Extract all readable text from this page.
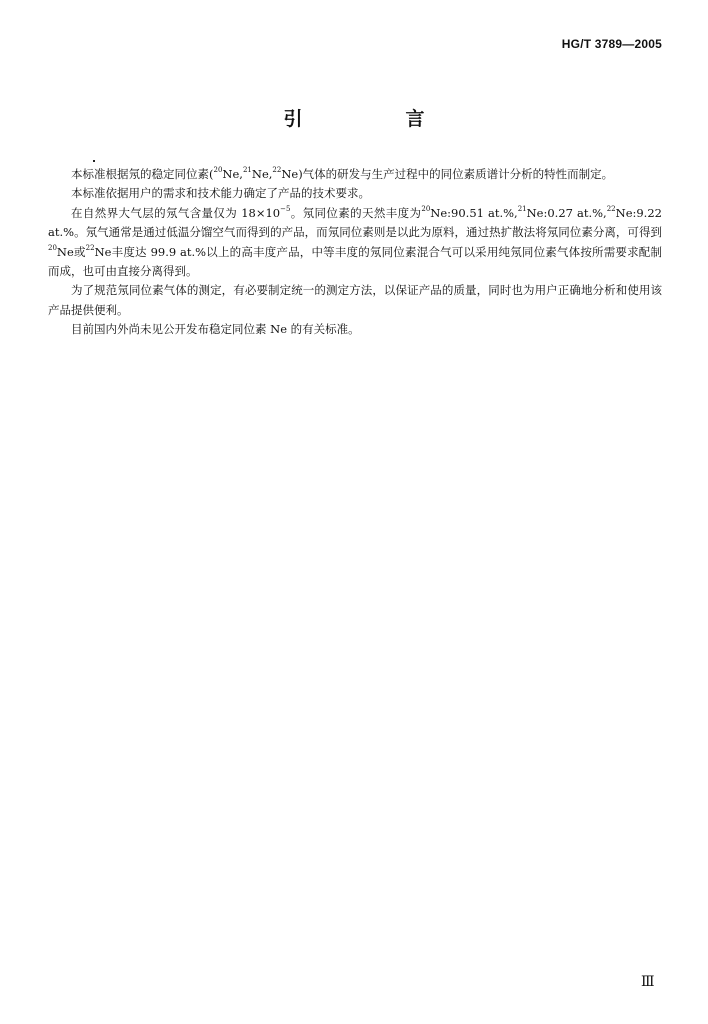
HG/T 3789—2005
引　言

本标准根据氖的稳定同位素($^{20}$Ne,$^{21}$Ne,$^{22}$Ne)气体的研发与生产过程中的同位素质谱计分析的特性而制定。

本标准依据用户的需求和技术能力确定了产品的技术要求。

在自然界大气层的氖气含量仅为 $18\times 10^{-5}$。氖同位素的天然丰度为$^{20}$Ne:90.51 at.%,$^{21}$Ne:0.27 at.%,$^{22}$Ne:9.22 at.%。氖气通常是通过低温分馏空气而得到的产品，而氖同位素则是以此为原料，通过热扩散法将氖同位素分离，可得到$^{20}$Ne或$^{22}$Ne丰度达 99.9 at.%以上的高丰度产品，中等丰度的氖同位素混合气可以采用纯氖同位素气体按所需要求配制而成，也可由直接分离得到。

为了规范氖同位素气体的测定，有必要制定统一的测定方法，以保证产品的质量，同时也为用户正确地分析和使用该产品提供便利。

目前国内外尚未见公开发布稳定同位素 Ne 的有关标准。

Ⅲ
